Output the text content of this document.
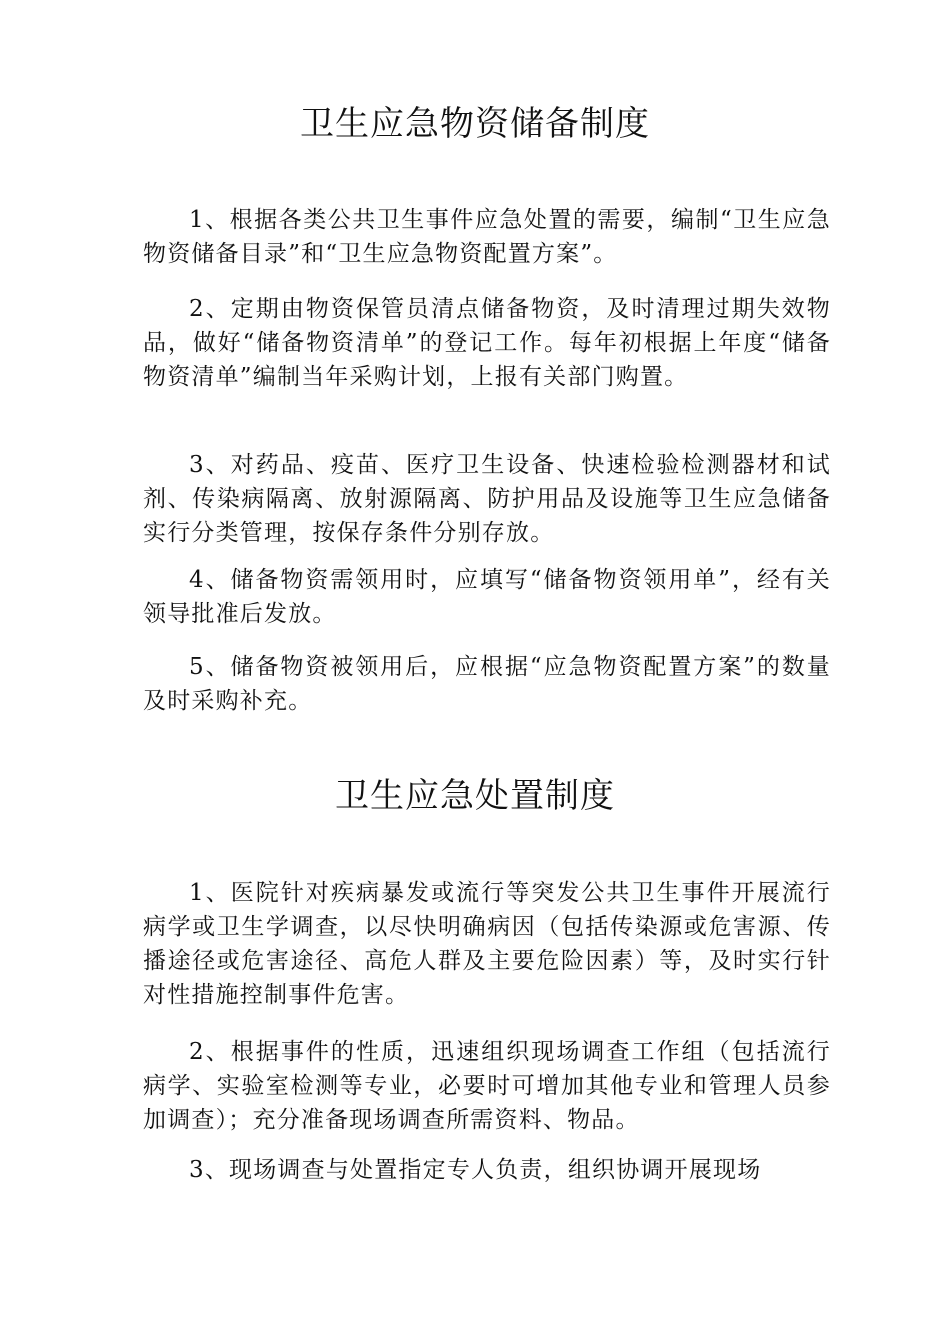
卫生应急物资储备制度

1、根据各类公共卫生事件应急处置的需要，编制“卫生应急物资储备目录”和“卫生应急物资配置方案”。

2、定期由物资保管员清点储备物资，及时清理过期失效物品，做好“储备物资清单”的登记工作。每年初根据上年度“储备物资清单”编制当年采购计划，上报有关部门购置。

3、对药品、疫苗、医疗卫生设备、快速检验检测器材和试剂、传染病隔离、放射源隔离、防护用品及设施等卫生应急储备实行分类管理，按保存条件分别存放。

4、储备物资需领用时，应填写“储备物资领用单”，经有关领导批准后发放。

5、储备物资被领用后，应根据“应急物资配置方案”的数量及时采购补充。

卫生应急处置制度

1、医院针对疾病暴发或流行等突发公共卫生事件开展流行病学或卫生学调查，以尽快明确病因（包括传染源或危害源、传播途径或危害途径、高危人群及主要危险因素）等，及时实行针对性措施控制事件危害。

2、根据事件的性质，迅速组织现场调查工作组（包括流行病学、实验室检测等专业，必要时可增加其他专业和管理人员参加调查）；充分准备现场调查所需资料、物品。

3、现场调查与处置指定专人负责，组织协调开展现场
